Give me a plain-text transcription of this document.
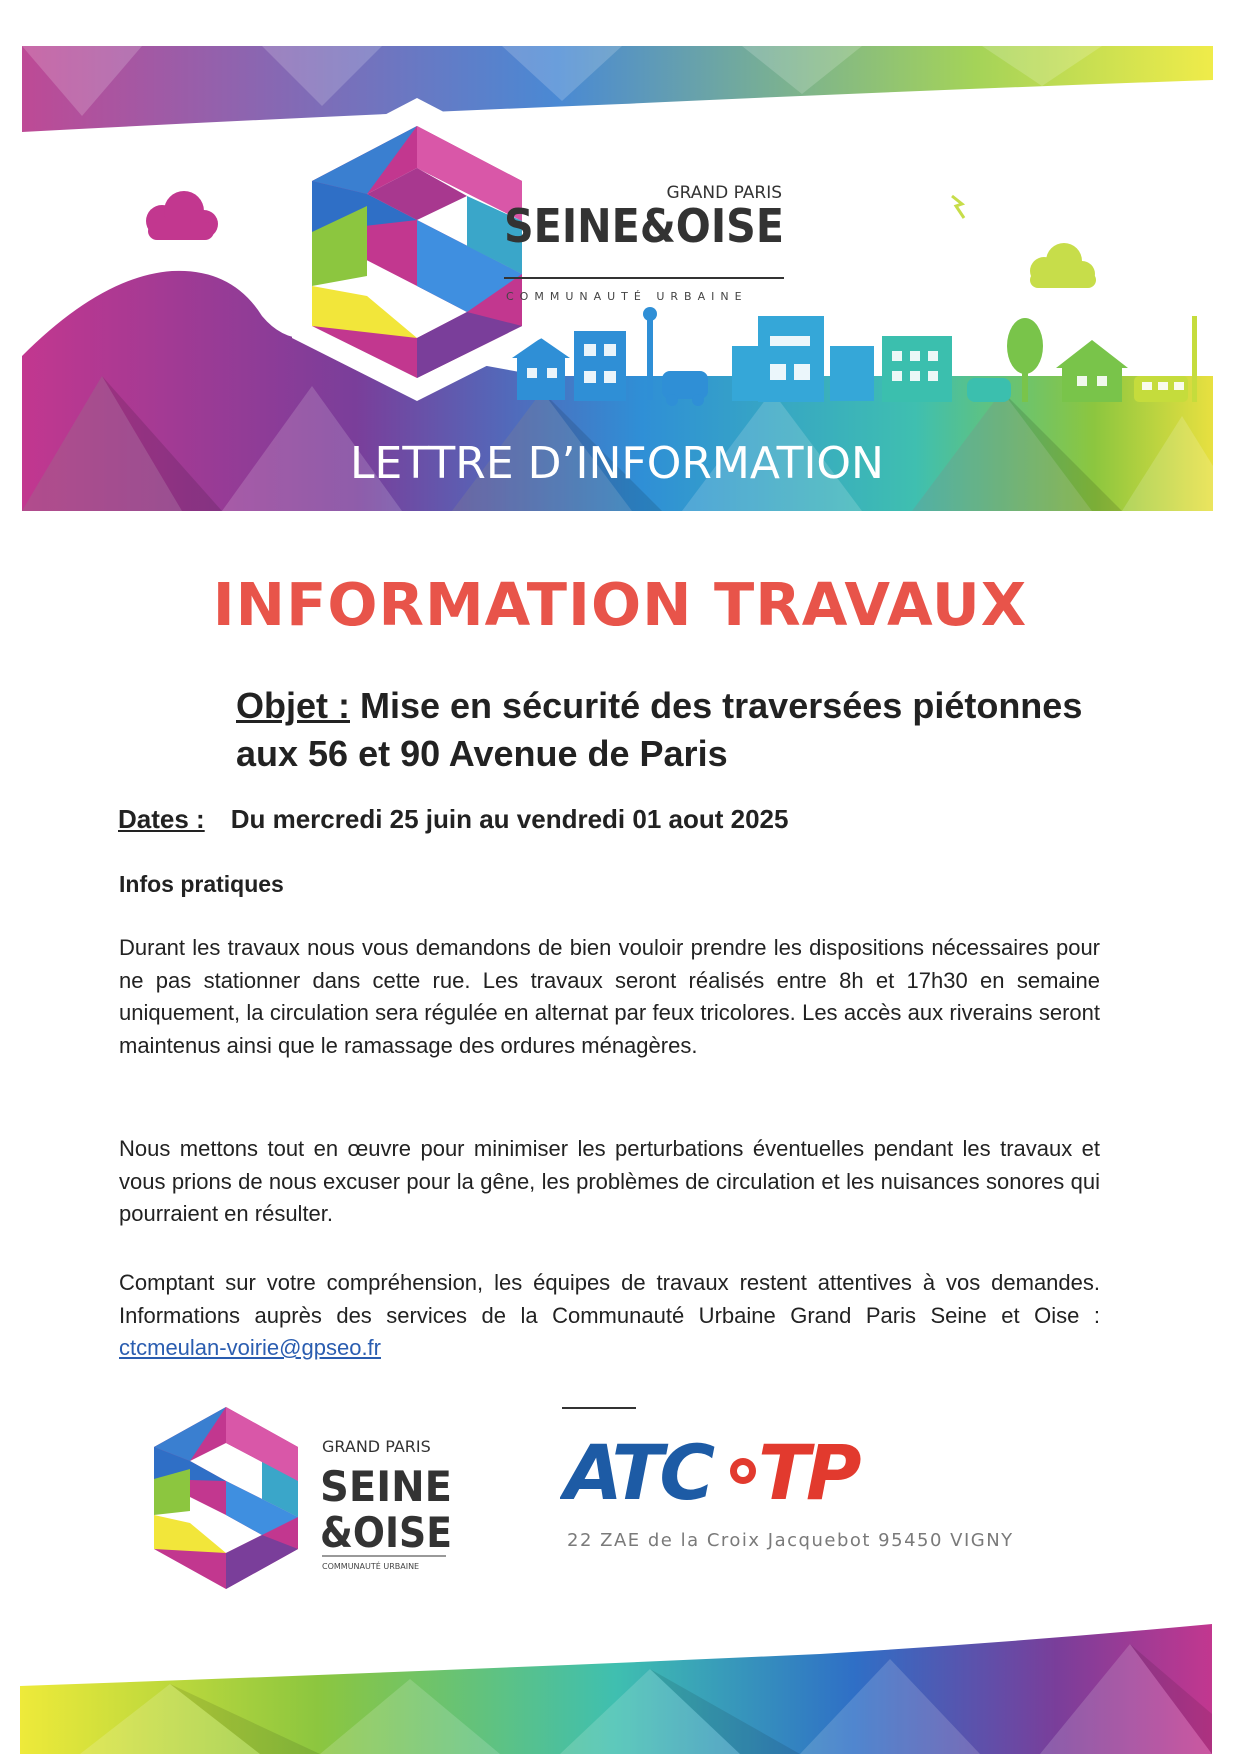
GRAND PARIS
SEINE&OISE
COMMUNAUTÉ URBAINE
LETTRE D’INFORMATION
INFORMATION TRAVAUX

Objet : Mise en sécurité des traversées piétonnes aux 56 et 90 Avenue de Paris

Dates : Du mercredi 25 juin au vendredi 01 aout 2025
Infos pratiques

Durant les travaux nous vous demandons de bien vouloir prendre les dispositions nécessaires pour ne pas stationner dans cette rue. Les travaux seront réalisés entre 8h et 17h30 en semaine uniquement, la circulation sera régulée en alternat par feux tricolores. Les accès aux riverains seront maintenus ainsi que le ramassage des ordures ménagères.

Nous mettons tout en œuvre pour minimiser les perturbations éventuelles pendant les travaux et vous prions de nous excuser pour la gêne, les problèmes de circulation et les nuisances sonores qui pourraient en résulter.

Comptant sur votre compréhension, les équipes de travaux restent attentives à vos demandes. Informations auprès des services de la Communauté Urbaine Grand Paris Seine et Oise : ctcmeulan-voirie@gpseo.fr

GRAND PARIS
SEINE
&OISE
COMMUNAUTÉ URBAINE
ATC TP
22 ZAE de la Croix Jacquebot 95450 VIGNY
